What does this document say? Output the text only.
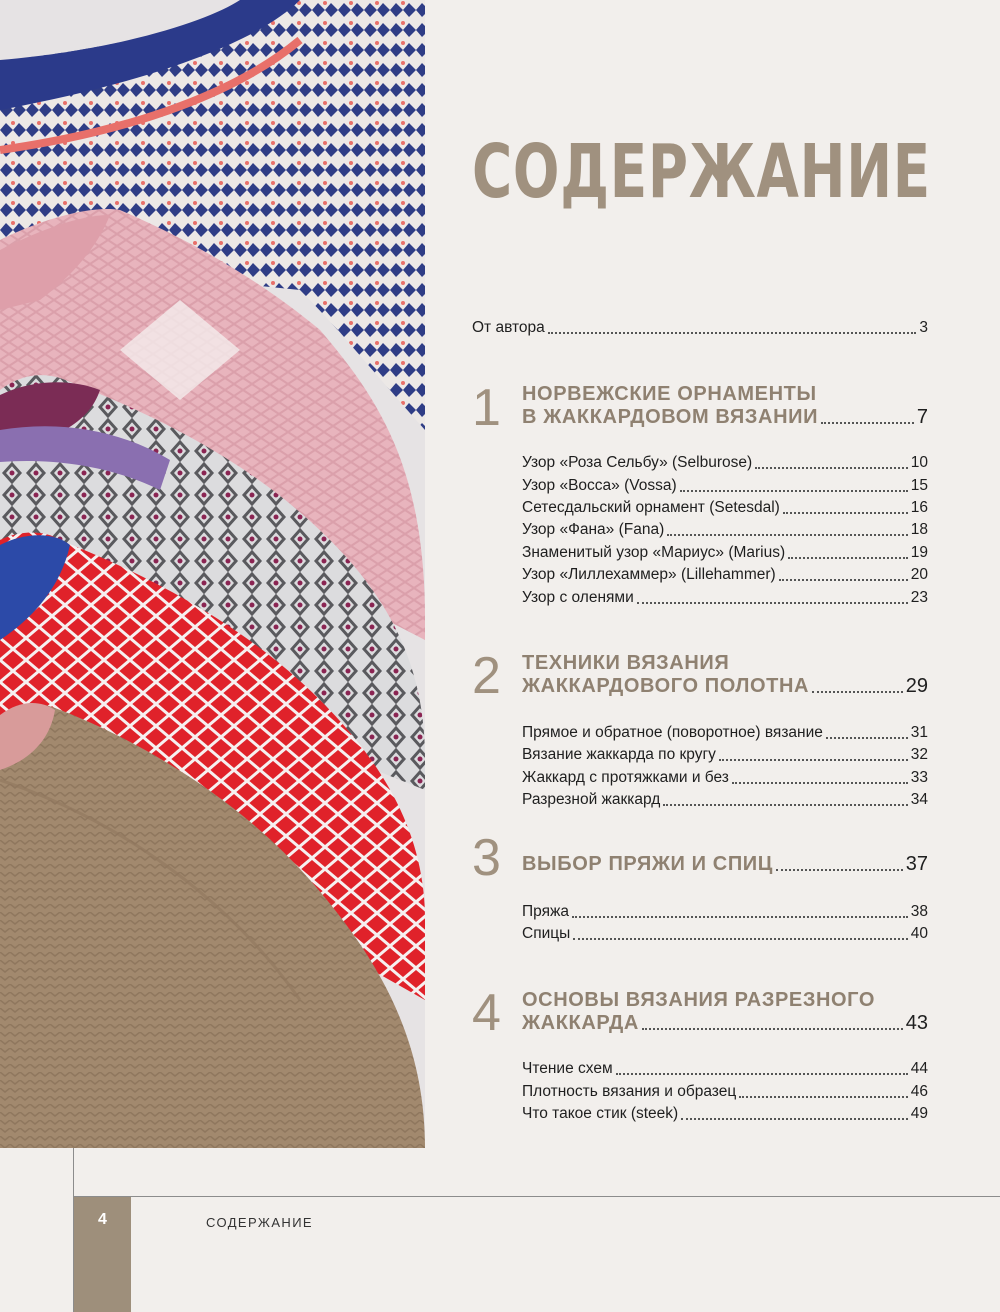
СОДЕРЖАНИЕ
От автора	3
1 НОРВЕЖСКИЕ ОРНАМЕНТЫ
В ЖАККАРДОВОМ ВЯЗАНИИ	7
Узор «Роза Сельбу» (Selburose)	10
Узор «Восса» (Vossa)	15
Сетесдальский орнамент (Setesdal)	16
Узор «Фана» (Fana)	18
Знаменитый узор «Мариус» (Marius)	19
Узор «Лиллехаммер» (Lillehammer)	20
Узор с оленями	23
2 ТЕХНИКИ ВЯЗАНИЯ
ЖАККАРДОВОГО ПОЛОТНА	29
Прямое и обратное (поворотное) вязание	31
Вязание жаккарда по кругу	32
Жаккард с протяжками и без	33
Разрезной жаккард	34
3 ВЫБОР ПРЯЖИ И СПИЦ	37
Пряжа	38
Спицы	40
4 ОСНОВЫ ВЯЗАНИЯ РАЗРЕЗНОГО
ЖАККАРДА	43
Чтение схем	44
Плотность вязания и образец	46
Что такое стик (steek)	49
4	СОДЕРЖАНИЕ
